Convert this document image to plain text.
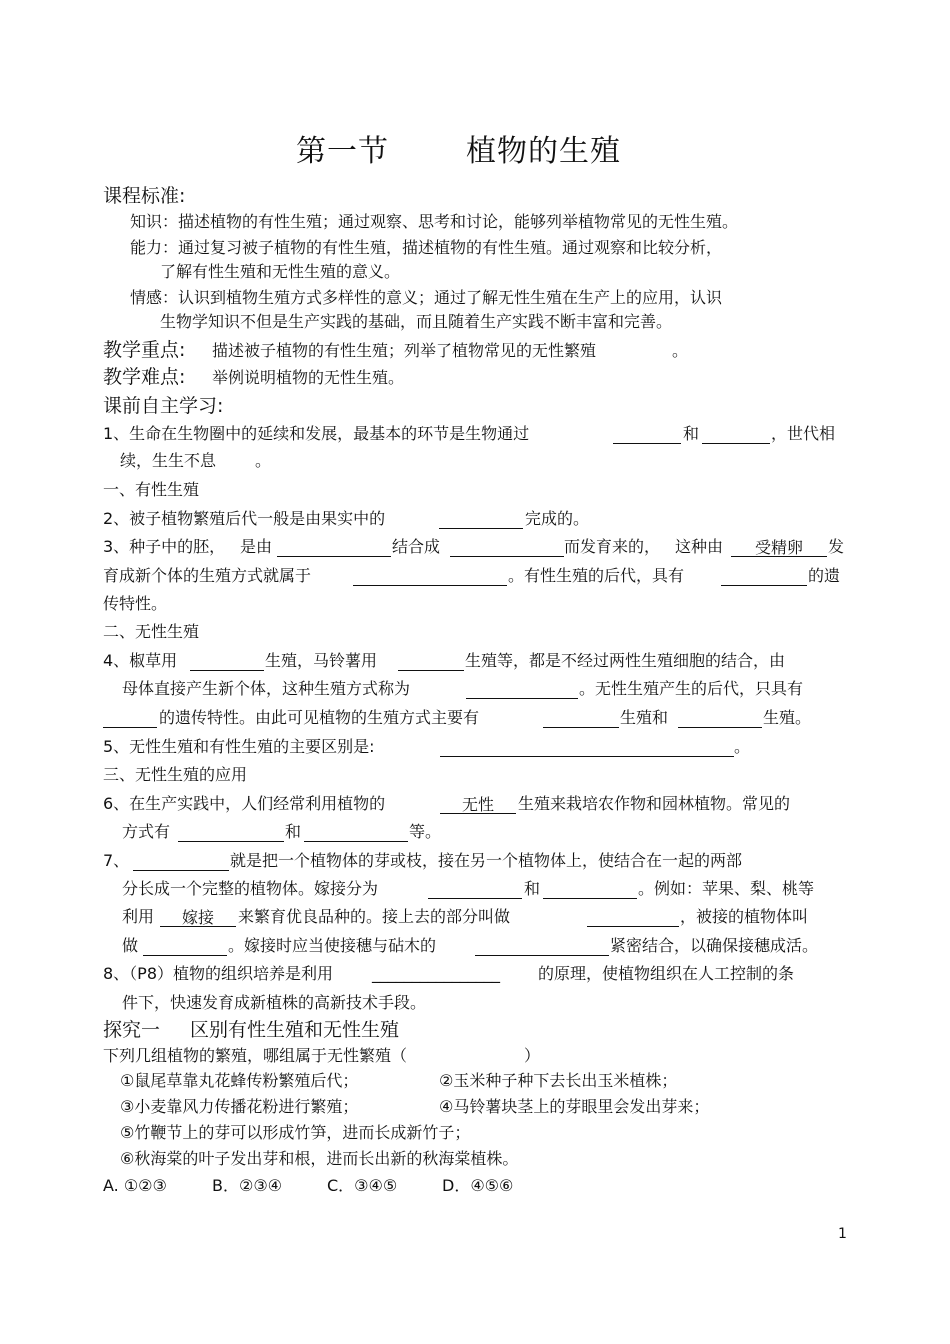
第一节	植物的生殖
课程标准:
知识：描述植物的有性生殖；通过观察、思考和讨论，能够列举植物常见的无性生殖。
能力：通过复习被子植物的有性生殖，描述植物的有性生殖。通过观察和比较分析，
了解有性生殖和无性生殖的意义。
情感：认识到植物生殖方式多样性的意义；通过了解无性生殖在生产上的应用，认识
生物学知识不但是生产实践的基础，而且随着生产实践不断丰富和完善。
教学重点: 描述被子植物的有性生殖；列举了植物常见的无性繁殖	。
教学难点: 举例说明植物的无性生殖。
课前自主学习:
1、生命在生物圈中的延续和发展，最基本的环节是生物通过	和	，世代相
续，生生不息 。
一、有性生殖
2、被子植物繁殖后代一般是由果实中的	完成的。
3、种子中的胚， 是由	结合成	而发育来的， 这种由	受精卵	发
育成新个体的生殖方式就属于	。有性生殖的后代，具有	的遗
传特性。
二、无性生殖
4、椒草用	生殖，马铃薯用	生殖等，都是不经过两性生殖细胞的结合，由
母体直接产生新个体，这种生殖方式称为	。无性生殖产生的后代，只具有
的遗传特性。由此可见植物的生殖方式主要有	生殖和	生殖。
5、无性生殖和有性生殖的主要区别是:	。
三、无性生殖的应用
6、在生产实践中，人们经常利用植物的	无性	生殖来栽培农作物和园林植物。常见的
方式有	和	等。
7、	就是把一个植物体的芽或枝，接在另一个植物体上，使结合在一起的两部
分长成一个完整的植物体。嫁接分为	和	。例如：苹果、梨、桃等
利用	嫁接	来繁育优良品种的。接上去的部分叫做	，被接的植物体叫
做	。嫁接时应当使接穗与砧木的	紧密结合，以确保接穗成活。
8、（P8）植物的组织培养是利用 ________________ 的原理，使植物组织在人工控制的条
件下，快速发育成新植株的高新技术手段。
探究一 区别有性生殖和无性生殖
下列几组植物的繁殖，哪组属于无性繁殖（	）
①鼠尾草靠丸花蜂传粉繁殖后代；	②玉米种子种下去长出玉米植株；
③小麦靠风力传播花粉进行繁殖；	④马铃薯块茎上的芽眼里会发出芽来；
⑤竹鞭节上的芽可以形成竹笋，进而长成新竹子；
⑥秋海棠的叶子发出芽和根，进而长出新的秋海棠植株。
A. ①②③	B．②③④	C．③④⑤	D．④⑤⑥
1
